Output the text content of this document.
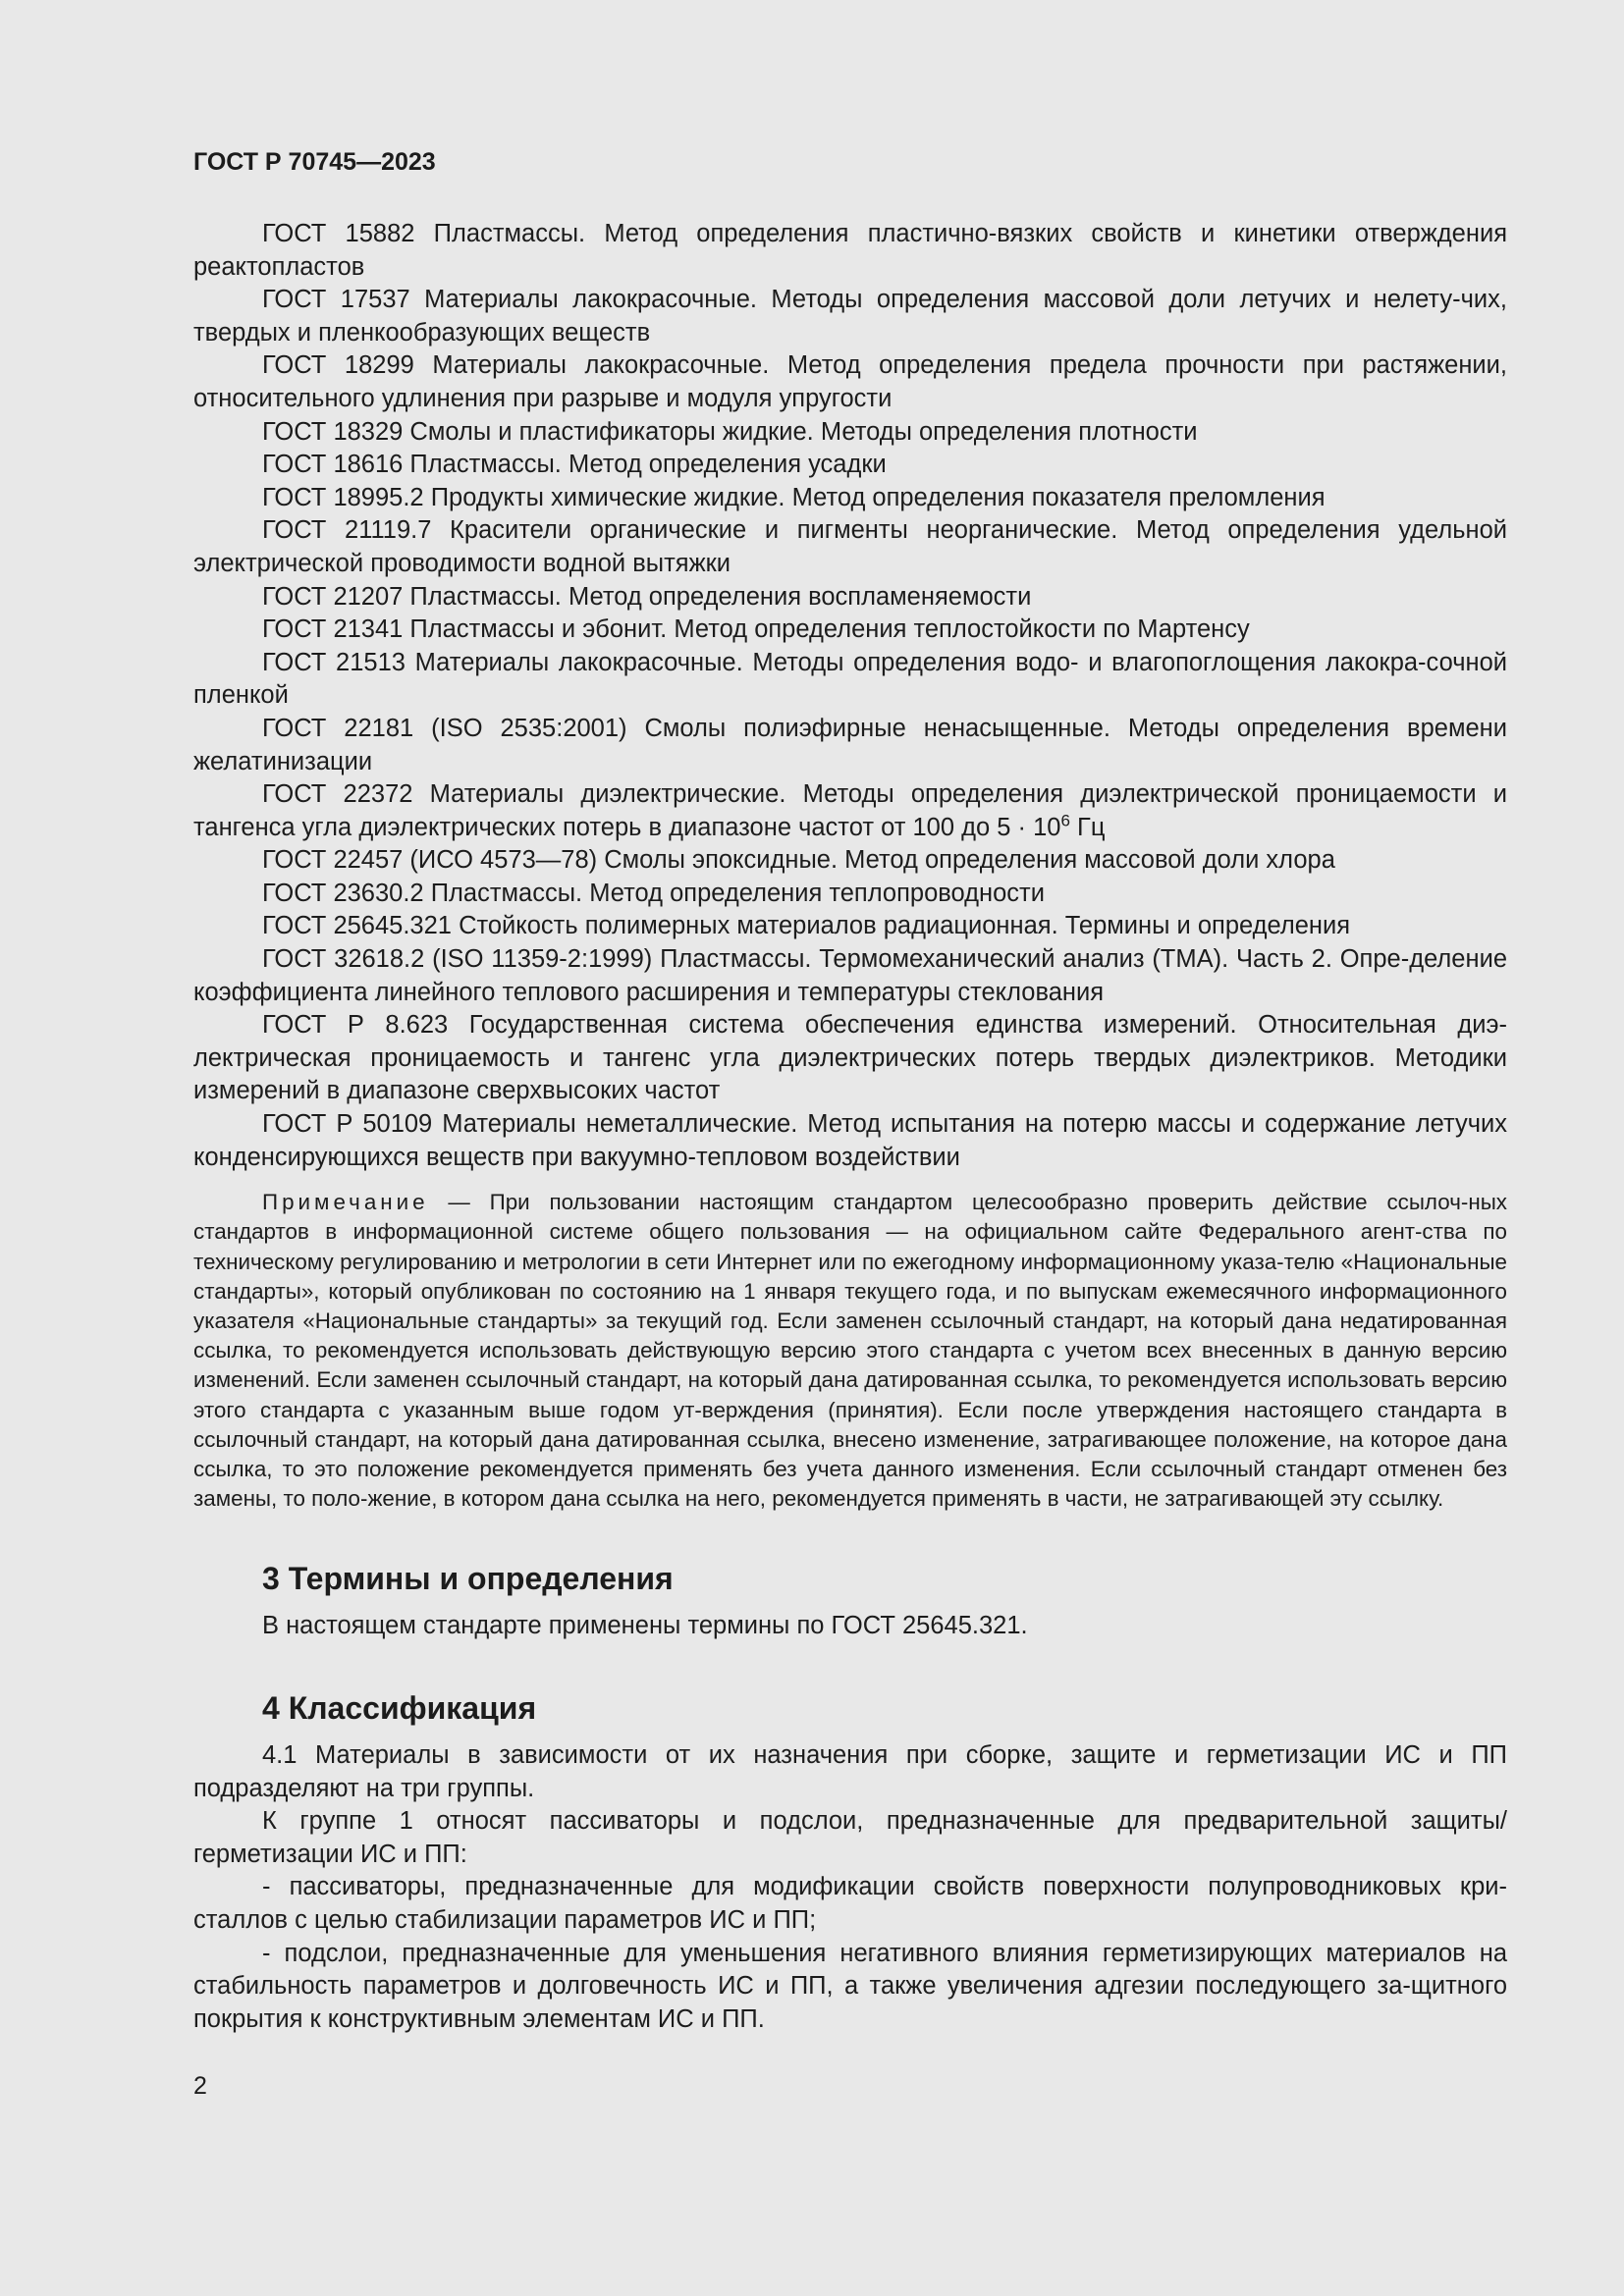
ГОСТ Р 70745—2023

ГОСТ 15882 Пластмассы. Метод определения пластично-вязких свойств и кинетики отверждения реактопластов

ГОСТ 17537 Материалы лакокрасочные. Методы определения массовой доли летучих и нелету-чих, твердых и пленкообразующих веществ

ГОСТ 18299 Материалы лакокрасочные. Метод определения предела прочности при растяжении, относительного удлинения при разрыве и модуля упругости

ГОСТ 18329 Смолы и пластификаторы жидкие. Методы определения плотности

ГОСТ 18616 Пластмассы. Метод определения усадки

ГОСТ 18995.2 Продукты химические жидкие. Метод определения показателя преломления

ГОСТ 21119.7 Красители органические и пигменты неорганические. Метод определения удельной электрической проводимости водной вытяжки

ГОСТ 21207 Пластмассы. Метод определения воспламеняемости

ГОСТ 21341 Пластмассы и эбонит. Метод определения теплостойкости по Мартенсу

ГОСТ 21513 Материалы лакокрасочные. Методы определения водо- и влагопоглощения лакокра-сочной пленкой

ГОСТ 22181 (ISO 2535:2001) Смолы полиэфирные ненасыщенные. Методы определения времени желатинизации

ГОСТ 22372 Материалы диэлектрические. Методы определения диэлектрической проницаемости и тангенса угла диэлектрических потерь в диапазоне частот от 100 до $5 \cdot 10^6$ Гц

ГОСТ 22457 (ИСО 4573—78) Смолы эпоксидные. Метод определения массовой доли хлора

ГОСТ 23630.2 Пластмассы. Метод определения теплопроводности

ГОСТ 25645.321 Стойкость полимерных материалов радиационная. Термины и определения

ГОСТ 32618.2 (ISO 11359-2:1999) Пластмассы. Термомеханический анализ (ТМА). Часть 2. Опре-деление коэффициента линейного теплового расширения и температуры стеклования

ГОСТ Р 8.623 Государственная система обеспечения единства измерений. Относительная диэ-лектрическая проницаемость и тангенс угла диэлектрических потерь твердых диэлектриков. Методики измерений в диапазоне сверхвысоких частот

ГОСТ Р 50109 Материалы неметаллические. Метод испытания на потерю массы и содержание летучих конденсирующихся веществ при вакуумно-тепловом воздействии

Примечание — При пользовании настоящим стандартом целесообразно проверить действие ссылоч-ных стандартов в информационной системе общего пользования — на официальном сайте Федерального агент-ства по техническому регулированию и метрологии в сети Интернет или по ежегодному информационному указа-телю «Национальные стандарты», который опубликован по состоянию на 1 января текущего года, и по выпускам ежемесячного информационного указателя «Национальные стандарты» за текущий год. Если заменен ссылочный стандарт, на который дана недатированная ссылка, то рекомендуется использовать действующую версию этого стандарта с учетом всех внесенных в данную версию изменений. Если заменен ссылочный стандарт, на который дана датированная ссылка, то рекомендуется использовать версию этого стандарта с указанным выше годом ут-верждения (принятия). Если после утверждения настоящего стандарта в ссылочный стандарт, на который дана датированная ссылка, внесено изменение, затрагивающее положение, на которое дана ссылка, то это положение рекомендуется применять без учета данного изменения. Если ссылочный стандарт отменен без замены, то поло-жение, в котором дана ссылка на него, рекомендуется применять в части, не затрагивающей эту ссылку.

3 Термины и определения

В настоящем стандарте применены термины по ГОСТ 25645.321.

4 Классификация

4.1 Материалы в зависимости от их назначения при сборке, защите и герметизации ИС и ПП подразделяют на три группы.

К группе 1 относят пассиваторы и подслои, предназначенные для предварительной защиты/ герметизации ИС и ПП:

- пассиваторы, предназначенные для модификации свойств поверхности полупроводниковых кри-сталлов с целью стабилизации параметров ИС и ПП;

- подслои, предназначенные для уменьшения негативного влияния герметизирующих материалов на стабильность параметров и долговечность ИС и ПП, а также увеличения адгезии последующего за-щитного покрытия к конструктивным элементам ИС и ПП.

2
